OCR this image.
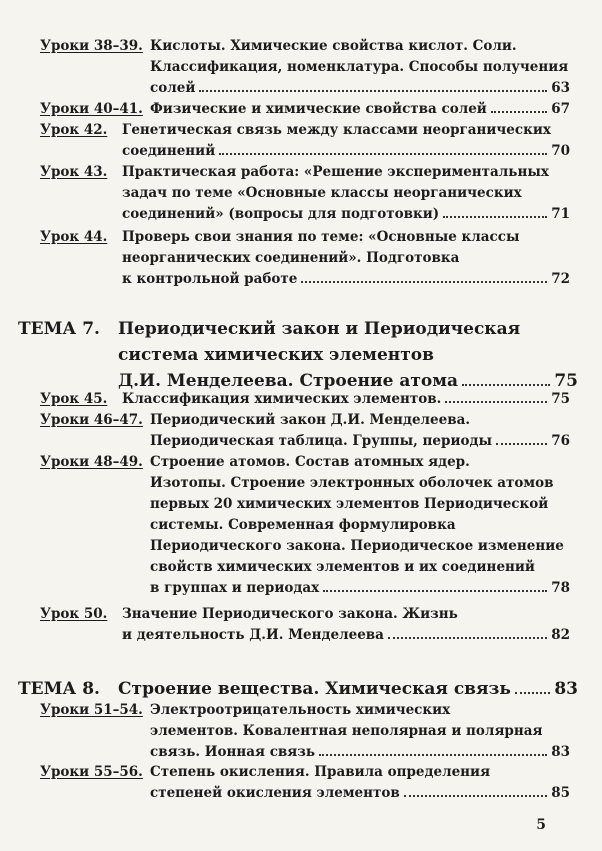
Уроки 38–39. Кислоты. Химические свойства кислот. Соли.
Классификация, номенклатура. Способы получения
солей	63
Уроки 40–41. Физические и химические свойства солей	67
Урок 42. Генетическая связь между классами неорганических
соединений	70
Урок 43. Практическая работа: «Решение экспериментальных
задач по теме «Основные классы неорганических
соединений» (вопросы для подготовки)	71
Урок 44. Проверь свои знания по теме: «Основные классы
неорганических соединений». Подготовка
к контрольной работе	72
ТЕМА 7. Периодический закон и Периодическая
система химических элементов
Д.И. Менделеева. Строение атома	75
Урок 45. Классификация химических элементов.	75
Уроки 46–47. Периодический закон Д.И. Менделеева.
Периодическая таблица. Группы, периоды	76
Уроки 48–49. Строение атомов. Состав атомных ядер.
Изотопы. Строение электронных оболочек атомов
первых 20 химических элементов Периодической
системы. Современная формулировка
Периодического закона. Периодическое изменение
свойств химических элементов и их соединений
в группах и периодах	78
Урок 50. Значение Периодического закона. Жизнь
и деятельность Д.И. Менделеева	82
ТЕМА 8. Строение вещества. Химическая связь	83
Уроки 51–54. Электроотрицательность химических
элементов. Ковалентная неполярная и полярная
связь. Ионная связь	83
Уроки 55–56. Степень окисления. Правила определения
степеней окисления элементов	85
5
